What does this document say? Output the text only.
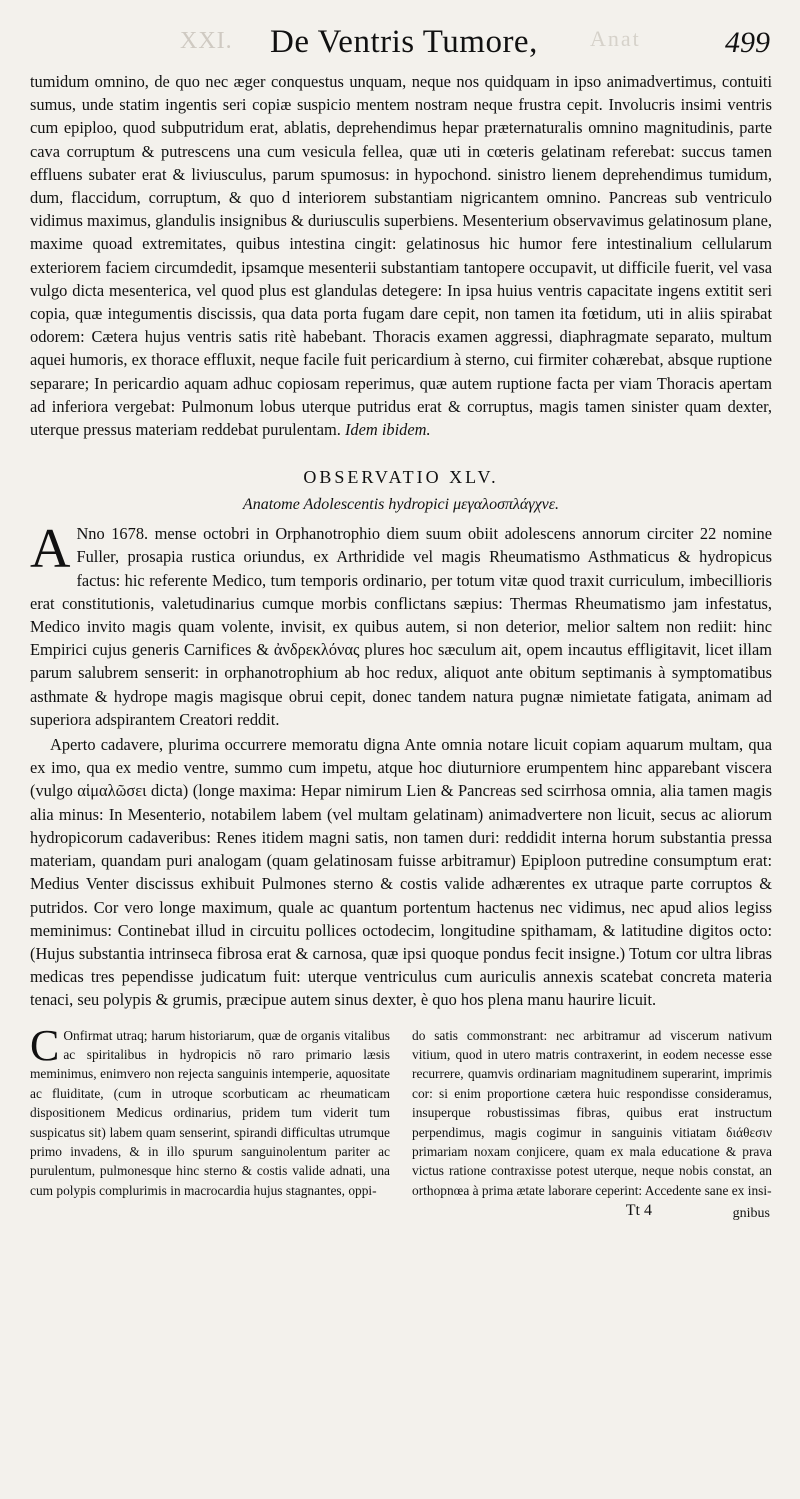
XXI.	Anat
De Ventris Tumore,	499

tumidum omnino, de quo nec æger conquestus unquam, neque nos quidquam in ipso animadvertimus, contuiti sumus, unde statim ingentis seri copiæ suspicio mentem nostram neque frustra cepit. Involucris insimi ventris cum epiploo, quod subputridum erat, ablatis, deprehendimus hepar præternaturalis omnino magnitudinis, parte cava corruptum & putrescens una cum vesicula fellea, quæ uti in cœteris gelatinam referebat: succus tamen effluens subater erat & liviusculus, parum spumosus: in hypochond. sinistro lienem deprehendimus tumidum, dum, flaccidum, corruptum, & quo d interiorem substantiam nigricantem omnino. Pancreas sub ventriculo vidimus maximus, glandulis insignibus & duriusculis superbiens. Mesenterium observavimus gelatinosum plane, maxime quoad extremitates, quibus intestina cingit: gelatinosus hic humor fere intestinalium cellularum exteriorem faciem circumdedit, ipsamque mesenterii substantiam tantopere occupavit, ut difficile fuerit, vel vasa vulgo dicta mesenterica, vel quod plus est glandulas detegere: In ipsa huius ventris capacitate ingens extitit seri copia, quæ integumentis discissis, qua data porta fugam dare cepit, non tamen ita fœtidum, uti in aliis spirabat odorem: Cætera hujus ventris satis ritè habebant. Thoracis examen aggressi, diaphragmate separato, multum aquei humoris, ex thorace effluxit, neque facile fuit pericardium à sterno, cui firmiter cohærebat, absque ruptione separare; In pericardio aquam adhuc copiosam reperimus, quæ autem ruptione facta per viam Thoracis apertam ad inferiora vergebat: Pulmonum lobus uterque putridus erat & corruptus, magis tamen sinister quam dexter, uterque pressus materiam reddebat purulentam. Idem ibidem.

OBSERVATIO XLV.
Anatome Adolescentis hydropici μεγαλοσπλάγχνε.

A Nno 1678. mense octobri in Orphanotrophio diem suum obiit adolescens annorum circiter 22 nomine Fuller, prosapia rustica oriundus, ex Arthridide vel magis Rheumatismo Asthmaticus & hydropicus factus: hic referente Medico, tum temporis ordinario, per totum vitæ quod traxit curriculum, imbecillioris erat constitutionis, valetudinarius cumque morbis conflictans sæpius: Thermas Rheumatismo jam infestatus, Medico invito magis quam volente, invisit, ex quibus autem, si non deterior, melior saltem non rediit: hinc Empirici cujus generis Carnifices & ἀνδρεκλόνας plures hoc sæculum ait, opem incautus effligitavit, licet illam parum salubrem senserit: in orphanotrophium ab hoc redux, aliquot ante obitum septimanis à symptomatibus asthmate & hydrope magis magisque obrui cepit, donec tandem natura pugnæ nimietate fatigata, animam ad superiora adspirantem Creatori reddit.

Aperto cadavere, plurima occurrere memoratu digna Ante omnia notare licuit copiam aquarum multam, qua ex imo, qua ex medio ventre, summo cum impetu, atque hoc diuturniore erumpentem hinc apparebant viscera (vulgo αἱμαλῶσει dicta) (longe maxima: Hepar nimirum Lien & Pancreas sed scirrhosa omnia, alia tamen magis alia minus: In Mesenterio, notabilem labem (vel multam gelatinam) animadvertere non licuit, secus ac aliorum hydropicorum cadaveribus: Renes itidem magni satis, non tamen duri: reddidit interna horum substantia pressa materiam, quandam puri analogam (quam gelatinosam fuisse arbitramur) Epiploon putredine consumptum erat: Medius Venter discissus exhibuit Pulmones sterno & costis valide adhærentes ex utraque parte corruptos & putridos. Cor vero longe maximum, quale ac quantum portentum hactenus nec vidimus, nec apud alios legiss meminimus: Continebat illud in circuitu pollices octodecim, longitudine spithamam, & latitudine digitos octo: (Hujus substantia intrinseca fibrosa erat & carnosa, quæ ipsi quoque pondus fecit insigne.) Totum cor ultra libras medicas tres pependisse judicatum fuit: uterque ventriculus cum auriculis annexis scatebat concreta materia tenaci, seu polypis & grumis, præcipue autem sinus dexter, è quo hos plena manu haurire licuit.

C Onfirmat utraq; harum historiarum, quæ de organis vitalibus ac spiritalibus in hydropicis nō raro primario læsis meminimus, enimvero non rejecta sanguinis intemperie, aquositate ac fluiditate, (cum in utroque scorbuticam ac rheumaticam dispositionem Medicus ordinarius, pridem tum viderit tum suspicatus sit) labem quam senserint, spirandi difficultas utrumque primo invadens, & in illo spurum sanguinolentum pariter ac purulentum, pulmonesque hinc sterno & costis valide adnati, una cum polypis complurimis in macrocardia hujus stagnantes, oppi-
do satis commonstrant: nec arbitramur ad viscerum nativum vitium, quod in utero matris contraxerint, in eodem necesse esse recurrere, quamvis ordinariam magnitudinem superarint, imprimis cor: si enim proportione cætera huic respondisse consideramus, insuperque robustissimas fibras, quibus erat instructum perpendimus, magis cogimur in sanguinis vitiatam διάθεσιν primariam noxam conjicere, quam ex mala educatione & prava victus ratione contraxisse potest uterque, neque nobis constat, an orthopnœa à prima ætate laborare ceperint: Accedente sane ex insi-
Tt 4	gnibus
